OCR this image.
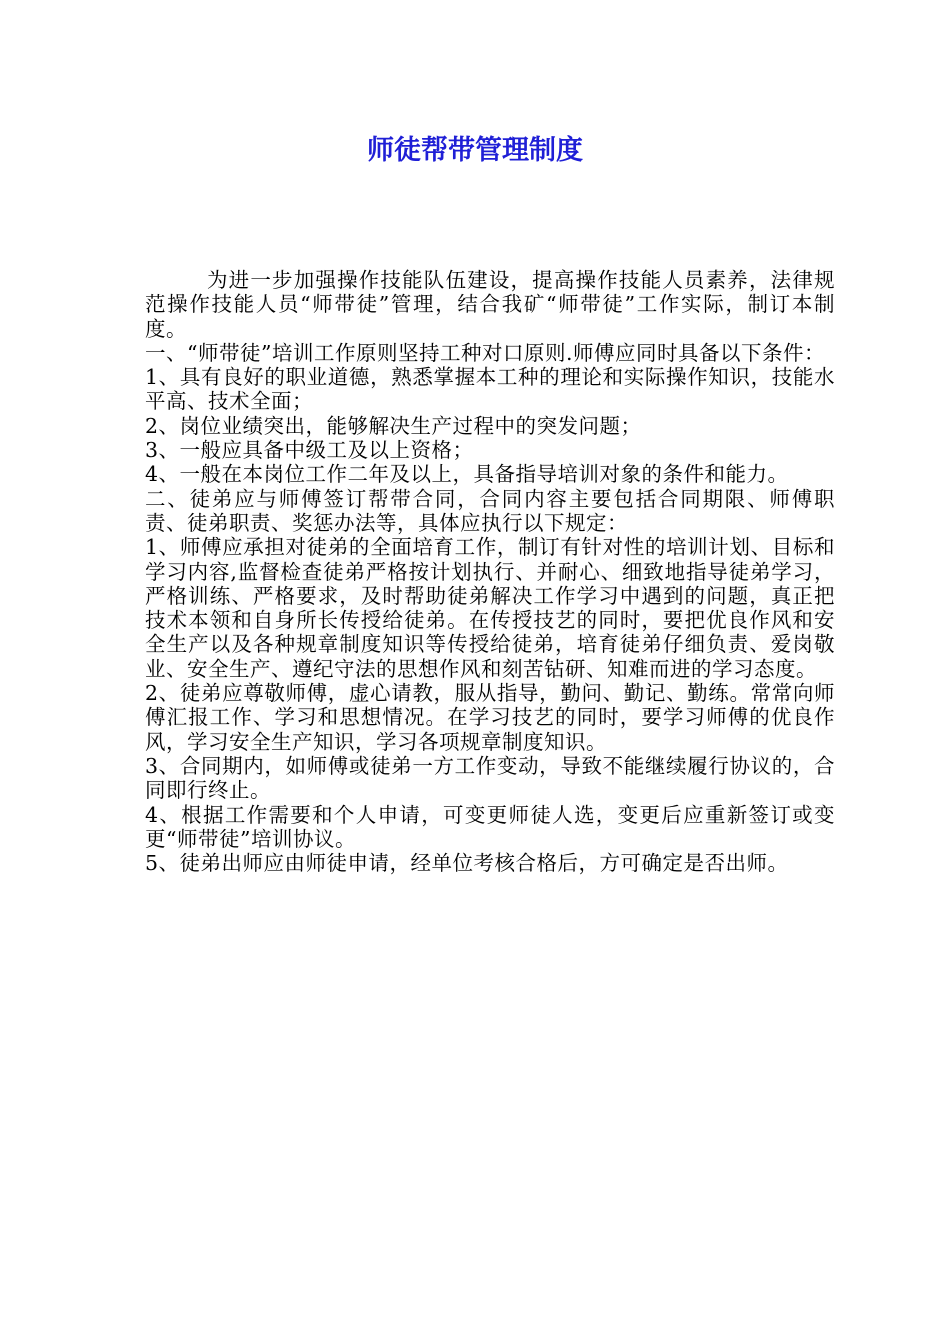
师徒帮带管理制度

为进一步加强操作技能队伍建设，提高操作技能人员素养，法律规范操作技能人员“师带徒”管理，结合我矿“师带徒”工作实际，制订本制度。

一、“师带徒”培训工作原则坚持工种对口原则.师傅应同时具备以下条件：

1、具有良好的职业道德，熟悉掌握本工种的理论和实际操作知识，技能水平高、技术全面；

2、岗位业绩突出，能够解决生产过程中的突发问题；

3、一般应具备中级工及以上资格；

4、一般在本岗位工作二年及以上，具备指导培训对象的条件和能力。

二、徒弟应与师傅签订帮带合同，合同内容主要包括合同期限、师傅职责、徒弟职责、奖惩办法等，具体应执行以下规定：

1、师傅应承担对徒弟的全面培育工作，制订有针对性的培训计划、目标和学习内容,监督检查徒弟严格按计划执行、并耐心、细致地指导徒弟学习，严格训练、严格要求，及时帮助徒弟解决工作学习中遇到的问题，真正把技术本领和自身所长传授给徒弟。在传授技艺的同时，要把优良作风和安全生产以及各种规章制度知识等传授给徒弟，培育徒弟仔细负责、爱岗敬业、安全生产、遵纪守法的思想作风和刻苦钻研、知难而进的学习态度。

2、徒弟应尊敬师傅，虚心请教，服从指导，勤问、勤记、勤练。常常向师傅汇报工作、学习和思想情况。在学习技艺的同时，要学习师傅的优良作风，学习安全生产知识，学习各项规章制度知识。

3、合同期内，如师傅或徒弟一方工作变动，导致不能继续履行协议的，合同即行终止。

4、根据工作需要和个人申请，可变更师徒人选，变更后应重新签订或变更“师带徒”培训协议。

5、徒弟出师应由师徒申请，经单位考核合格后，方可确定是否出师。
